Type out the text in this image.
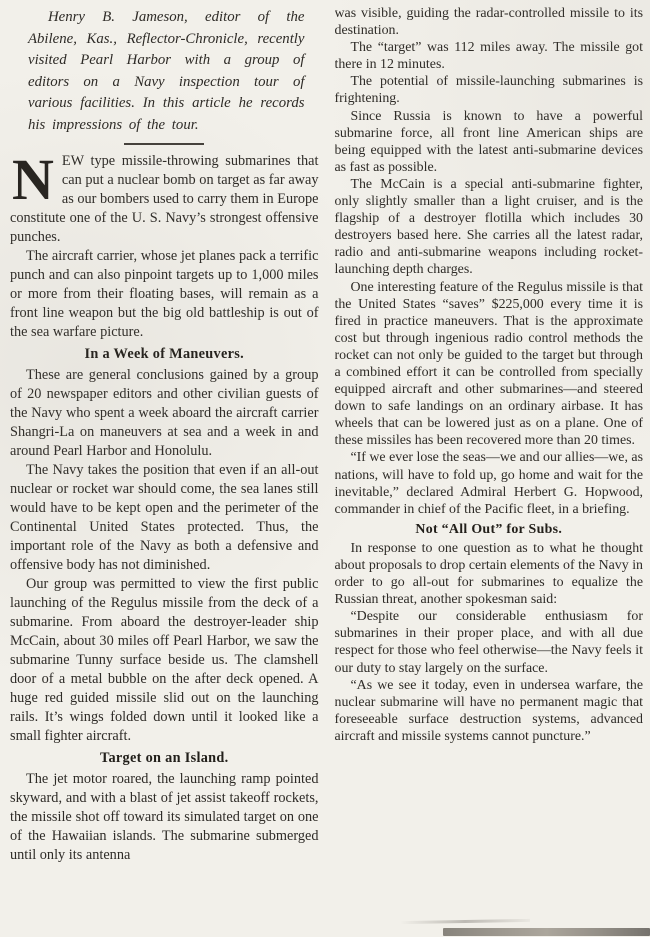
Henry B. Jameson, editor of the Abilene, Kas., Reflector-Chronicle, recently visited Pearl Harbor with a group of editors on a Navy inspection tour of various facilities. In this article he records his impressions of the tour.

NEW type missile-throwing submarines that can put a nuclear bomb on target as far away as our bombers used to carry them in Europe constitute one of the U. S. Navy’s strongest offensive punches.

The aircraft carrier, whose jet planes pack a terrific punch and can also pinpoint targets up to 1,000 miles or more from their floating bases, will remain as a front line weapon but the big old battleship is out of the sea warfare picture.

In a Week of Maneuvers.

These are general conclusions gained by a group of 20 newspaper editors and other civilian guests of the Navy who spent a week aboard the aircraft carrier Shangri-La on maneuvers at sea and a week in and around Pearl Harbor and Honolulu.

The Navy takes the position that even if an all-out nuclear or rocket war should come, the sea lanes still would have to be kept open and the perimeter of the Continental United States protected. Thus, the important role of the Navy as both a defensive and offensive body has not diminished.

Our group was permitted to view the first public launching of the Regulus missile from the deck of a submarine. From aboard the destroyer-leader ship McCain, about 30 miles off Pearl Harbor, we saw the submarine Tunny surface beside us. The clamshell door of a metal bubble on the after deck opened. A huge red guided missile slid out on the launching rails. It’s wings folded down until it looked like a small fighter aircraft.

Target on an Island.

The jet motor roared, the launching ramp pointed skyward, and with a blast of jet assist takeoff rockets, the missile shot off toward its simulated target on one of the Hawaiian islands. The submarine submerged until only its antenna

was visible, guiding the radar-controlled missile to its destination.

The “target” was 112 miles away. The missile got there in 12 minutes.

The potential of missile-launching submarines is frightening.

Since Russia is known to have a powerful submarine force, all front line American ships are being equipped with the latest anti-submarine devices as fast as possible.

The McCain is a special anti-submarine fighter, only slightly smaller than a light cruiser, and is the flagship of a destroyer flotilla which includes 30 destroyers based here. She carries all the latest radar, radio and anti-submarine weapons including rocket-launching depth charges.

One interesting feature of the Regulus missile is that the United States “saves” $225,000 every time it is fired in practice maneuvers. That is the approximate cost but through ingenious radio control methods the rocket can not only be guided to the target but through a combined effort it can be controlled from specially equipped aircraft and other submarines—and steered down to safe landings on an ordinary airbase. It has wheels that can be lowered just as on a plane. One of these missiles has been recovered more than 20 times.

“If we ever lose the seas—we and our allies—we, as nations, will have to fold up, go home and wait for the inevitable,” declared Admiral Herbert G. Hopwood, commander in chief of the Pacific fleet, in a briefing.

Not “All Out” for Subs.

In response to one question as to what he thought about proposals to drop certain elements of the Navy in order to go all-out for submarines to equalize the Russian threat, another spokesman said:

“Despite our considerable enthusiasm for submarines in their proper place, and with all due respect for those who feel otherwise—the Navy feels it our duty to stay largely on the surface.

“As we see it today, even in undersea warfare, the nuclear submarine will have no permanent magic that foreseeable surface destruction systems, advanced aircraft and missile systems cannot puncture.”
